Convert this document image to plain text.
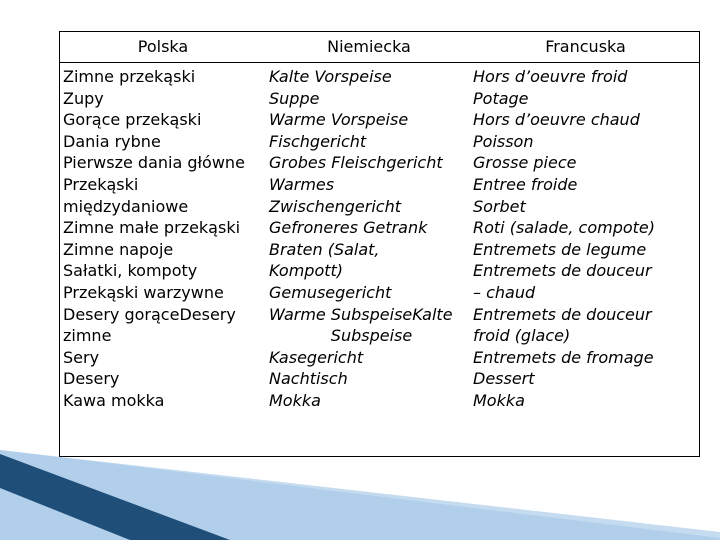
Polska	Niemiecka	Francuska
Zimne przekąski
Zupy
Gorące przekąski
Dania rybne
Pierwsze dania główne
Przekąski
międzydaniowe
Zimne małe przekąski
Zimne napoje
Sałatki, kompoty
Przekąski warzywne
Desery gorąceDesery
zimne
Sery
Desery
Kawa mokka
Kalte Vorspeise
Suppe
Warme Vorspeise
Fischgericht
Grobes Fleischgericht
Warmes
Zwischengericht
Gefroneres Getrank
Braten (Salat,
Kompott)
Gemusegericht
Warme SubspeiseKalte
Subspeise
Kasegericht
Nachtisch
Mokka
Hors d’oeuvre froid
Potage
Hors d’oeuvre chaud
Poisson
Grosse piece
Entree froide
Sorbet
Roti (salade, compote)
Entremets de legume
Entremets de douceur
– chaud
Entremets de douceur
froid (glace)
Entremets de fromage
Dessert
Mokka
